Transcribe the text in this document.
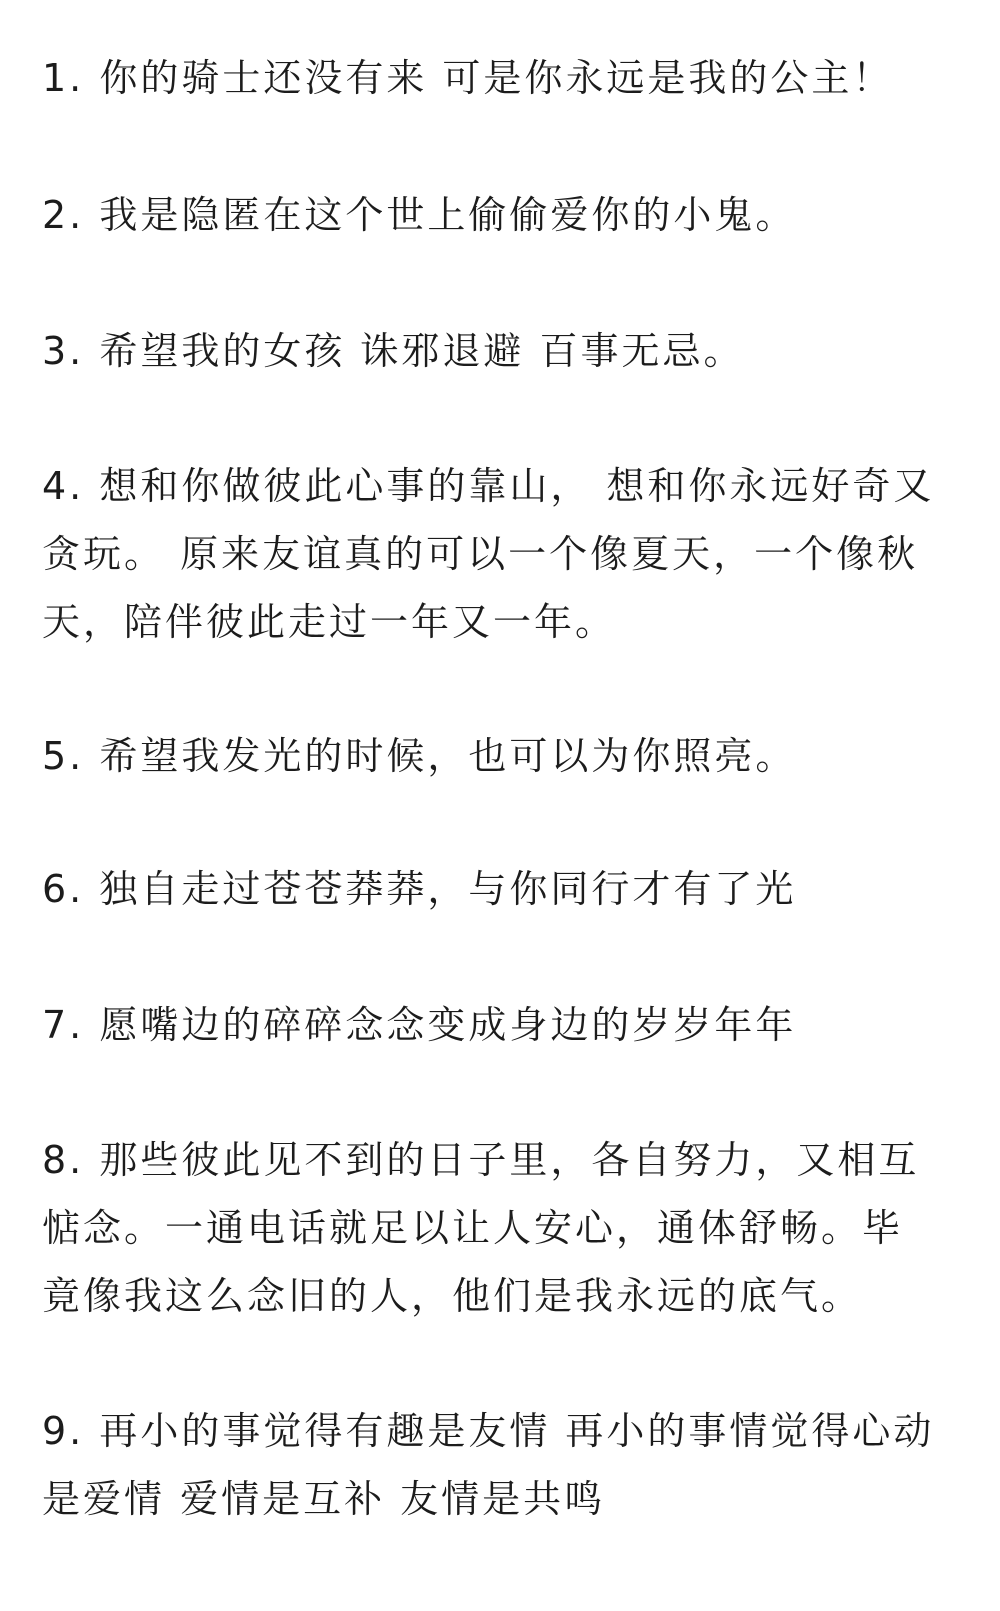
1. 你的骑士还没有来 可是你永远是我的公主！

2. 我是隐匿在这个世上偷偷爱你的小鬼。

3. 希望我的女孩 诛邪退避 百事无忌。

4. 想和你做彼此心事的靠山， 想和你永远好奇又

贪玩。 原来友谊真的可以一个像夏天，一个像秋

天，陪伴彼此走过一年又一年。

5. 希望我发光的时候，也可以为你照亮。

6. 独自走过苍苍莽莽，与你同行才有了光

7. 愿嘴边的碎碎念念变成身边的岁岁年年

8. 那些彼此见不到的日子里，各自努力，又相互

惦念。一通电话就足以让人安心，通体舒畅。毕

竟像我这么念旧的人，他们是我永远的底气。

9. 再小的事觉得有趣是友情 再小的事情觉得心动

是爱情 爱情是互补 友情是共鸣
